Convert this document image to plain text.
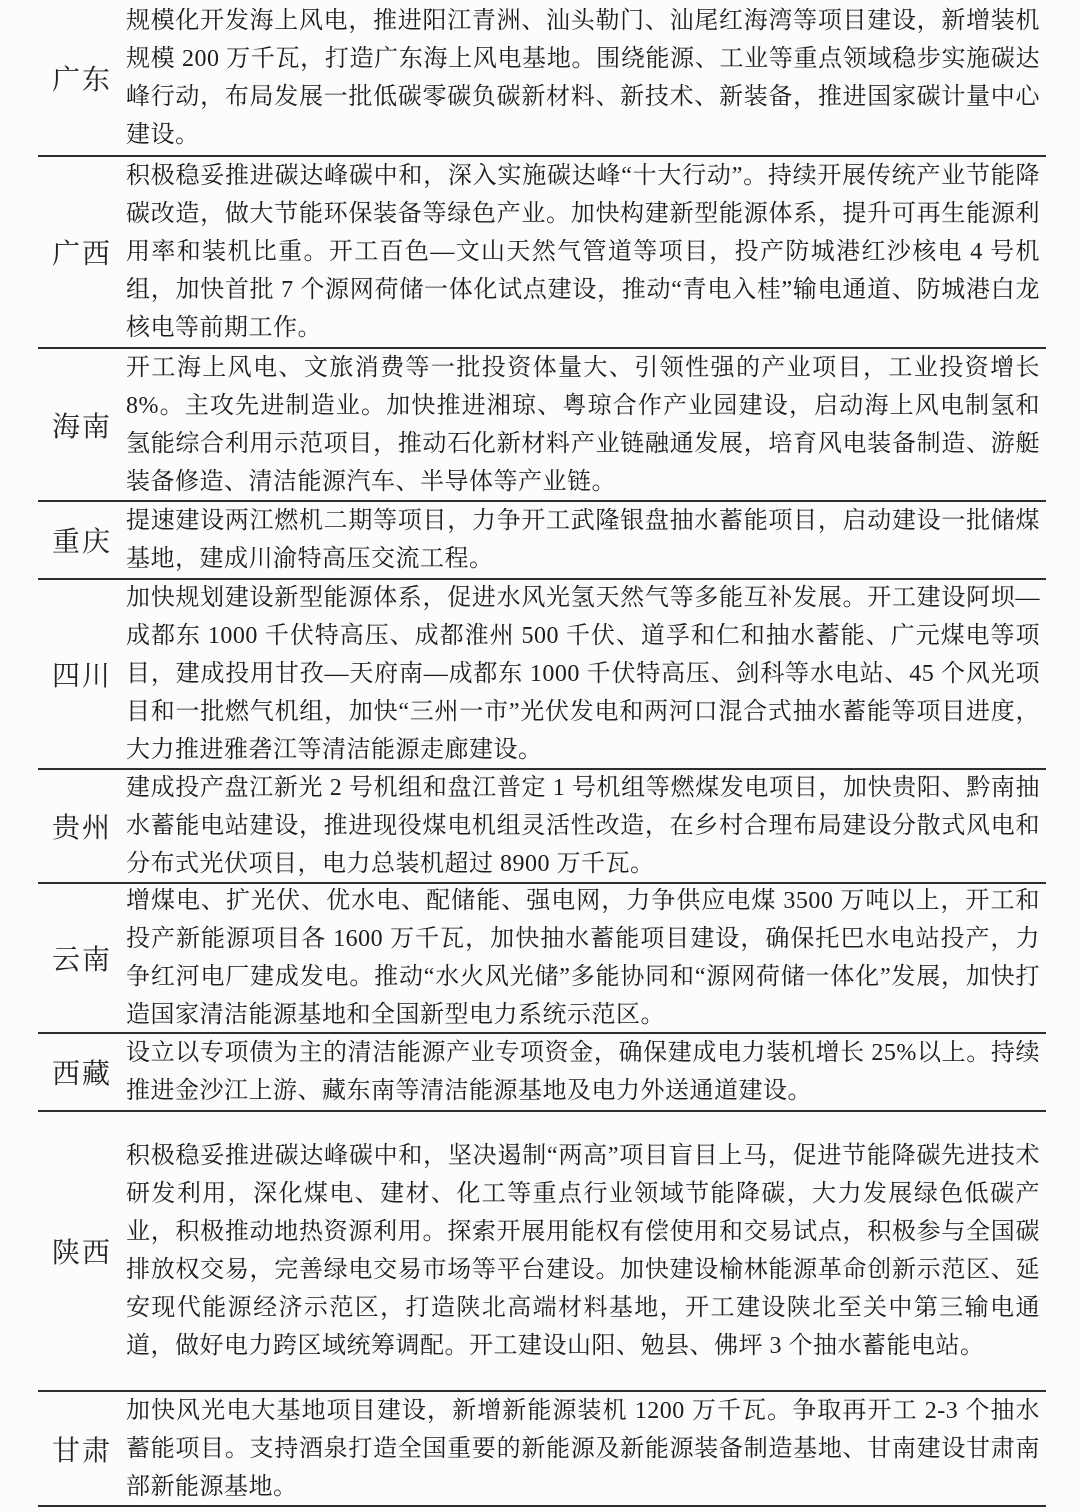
广东
规模化开发海上风电，推进阳江青洲、汕头勒门、汕尾红海湾等项目建设，新增装机规模 200 万千瓦，打造广东海上风电基地。围绕能源、工业等重点领域稳步实施碳达峰行动，布局发展一批低碳零碳负碳新材料、新技术、新装备，推进国家碳计量中心建设。
广西
积极稳妥推进碳达峰碳中和，深入实施碳达峰“十大行动”。持续开展传统产业节能降碳改造，做大节能环保装备等绿色产业。加快构建新型能源体系，提升可再生能源利用率和装机比重。开工百色—文山天然气管道等项目，投产防城港红沙核电 4 号机组，加快首批 7 个源网荷储一体化试点建设，推动“青电入桂”输电通道、防城港白龙核电等前期工作。
海南
开工海上风电、文旅消费等一批投资体量大、引领性强的产业项目，工业投资增长 8%。主攻先进制造业。加快推进湘琼、粤琼合作产业园建设，启动海上风电制氢和氢能综合利用示范项目，推动石化新材料产业链融通发展，培育风电装备制造、游艇装备修造、清洁能源汽车、半导体等产业链。
重庆
提速建设两江燃机二期等项目，力争开工武隆银盘抽水蓄能项目，启动建设一批储煤基地，建成川渝特高压交流工程。
四川
加快规划建设新型能源体系，促进水风光氢天然气等多能互补发展。开工建设阿坝—成都东 1000 千伏特高压、成都淮州 500 千伏、道孚和仁和抽水蓄能、广元煤电等项目，建成投用甘孜—天府南—成都东 1000 千伏特高压、剑科等水电站、45 个风光项目和一批燃气机组，加快“三州一市”光伏发电和两河口混合式抽水蓄能等项目进度，大力推进雅砻江等清洁能源走廊建设。
贵州
建成投产盘江新光 2 号机组和盘江普定 1 号机组等燃煤发电项目，加快贵阳、黔南抽水蓄能电站建设，推进现役煤电机组灵活性改造，在乡村合理布局建设分散式风电和分布式光伏项目，电力总装机超过 8900 万千瓦。
云南
增煤电、扩光伏、优水电、配储能、强电网，力争供应电煤 3500 万吨以上，开工和投产新能源项目各 1600 万千瓦，加快抽水蓄能项目建设，确保托巴水电站投产，力争红河电厂建成发电。推动“水火风光储”多能协同和“源网荷储一体化”发展，加快打造国家清洁能源基地和全国新型电力系统示范区。
西藏
设立以专项债为主的清洁能源产业专项资金，确保建成电力装机增长 25%以上。持续推进金沙江上游、藏东南等清洁能源基地及电力外送通道建设。
陕西
积极稳妥推进碳达峰碳中和，坚决遏制“两高”项目盲目上马，促进节能降碳先进技术研发利用，深化煤电、建材、化工等重点行业领域节能降碳，大力发展绿色低碳产业，积极推动地热资源利用。探索开展用能权有偿使用和交易试点，积极参与全国碳排放权交易，完善绿电交易市场等平台建设。加快建设榆林能源革命创新示范区、延安现代能源经济示范区，打造陕北高端材料基地，开工建设陕北至关中第三输电通道，做好电力跨区域统筹调配。开工建设山阳、勉县、佛坪 3 个抽水蓄能电站。
甘肃
加快风光电大基地项目建设，新增新能源装机 1200 万千瓦。争取再开工 2-3 个抽水蓄能项目。支持酒泉打造全国重要的新能源及新能源装备制造基地、甘南建设甘肃南部新能源基地。
